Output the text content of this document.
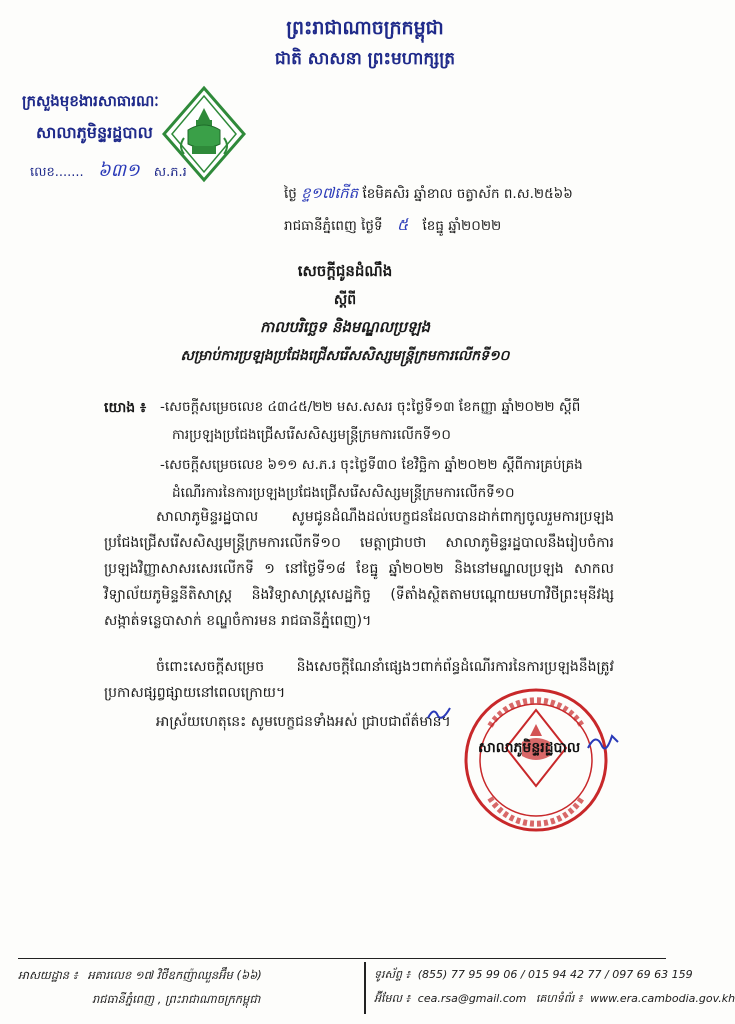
ព្រះរាជាណាចក្រកម្ពុជា
ជាតិ សាសនា ព្រះមហាក្សត្រ
ក្រសួងមុខងារសាធារណៈ
សាលាភូមិន្ទរដ្ឋបាល
លេខ....... ៦៣១ ស.ភ.រ
ថ្ងៃ ខ្ទ១៧កើត ខែមិគសិរ ឆ្នាំខាល ចត្វាស័ក ព.ស.២៥៦៦
រាជធានីភ្នំពេញ ថ្ងៃទី ៥ ខែធ្នូ ឆ្នាំ២០២២
សេចក្ដីជូនដំណឹង
ស្ដីពី
កាលបរិច្ឆេទ និងមណ្ឌលប្រឡង
សម្រាប់ការប្រឡងប្រជែងជ្រើសរើសសិស្សមន្ត្រីក្រមការលើកទី១០
យោង ៖ -សេចក្ដីសម្រេចលេខ ៤៣៤៥/២២ មស.សសរ ចុះថ្ងៃទី១៣ ខែកញ្ញា ឆ្នាំ២០២២ ស្ដីពី
ការប្រឡងប្រជែងជ្រើសរើសសិស្សមន្ត្រីក្រមការលើកទី១០
-សេចក្ដីសម្រេចលេខ ៦១១ ស.ភ.រ ចុះថ្ងៃទី៣០ ខែវិច្ឆិកា ឆ្នាំ២០២២ ស្ដីពីការគ្រប់គ្រង
ដំណើរការនៃការប្រឡងប្រជែងជ្រើសរើសសិស្សមន្ត្រីក្រមការលើកទី១០
សាលាភូមិន្ទរដ្ឋបាល សូមជូនដំណឹងដល់បេក្ខជនដែលបានដាក់ពាក្យចូលរួមការប្រឡងប្រជែងជ្រើសរើសសិស្សមន្ត្រីក្រមការលើកទី១០ មេត្តាជ្រាបថា សាលាភូមិន្ទរដ្ឋបាលនឹងរៀបចំការប្រឡងវិញ្ញាសាសរសេរលើកទី ១ នៅថ្ងៃទី១៨ ខែធ្នូ ឆ្នាំ២០២២ និងនៅមណ្ឌលប្រឡង សាកលវិទ្យាល័យភូមិន្ទនីតិសាស្ត្រ និងវិទ្យាសាស្ត្រសេដ្ឋកិច្ច (ទីតាំងស្ថិតតាមបណ្ដោយមហាវិថីព្រះមុនីវង្ស សង្កាត់ទន្លេបាសាក់ ខណ្ឌចំការមន រាជធានីភ្នំពេញ)។
ចំពោះសេចក្ដីសម្រេច និងសេចក្ដីណែនាំផ្សេងៗពាក់ព័ន្ធដំណើរការនៃការប្រឡងនឹងត្រូវប្រកាសផ្សព្វផ្សាយនៅពេលក្រោយ។
អាស្រ័យហេតុនេះ សូមបេក្ខជនទាំងអស់ ជ្រាបជាព័ត៌មាន។
សាលាភូមិន្ទរដ្ឋបាល
អាសយដ្ឋាន ៖ អគារលេខ ១៧ វិថីឧកញ៉ាឈួនអ៊ឹម (៦៦)
រាជធានីភ្នំពេញ , ព្រះរាជាណាចក្រកម្ពុជា
ទូរស័ព្ទ ៖ (855) 77 95 99 06 / 015 94 42 77 / 097 69 63 159
អ៊ីមែល ៖ cea.rsa@gmail.com គេហទំព័រ ៖ www.era.cambodia.gov.kh
